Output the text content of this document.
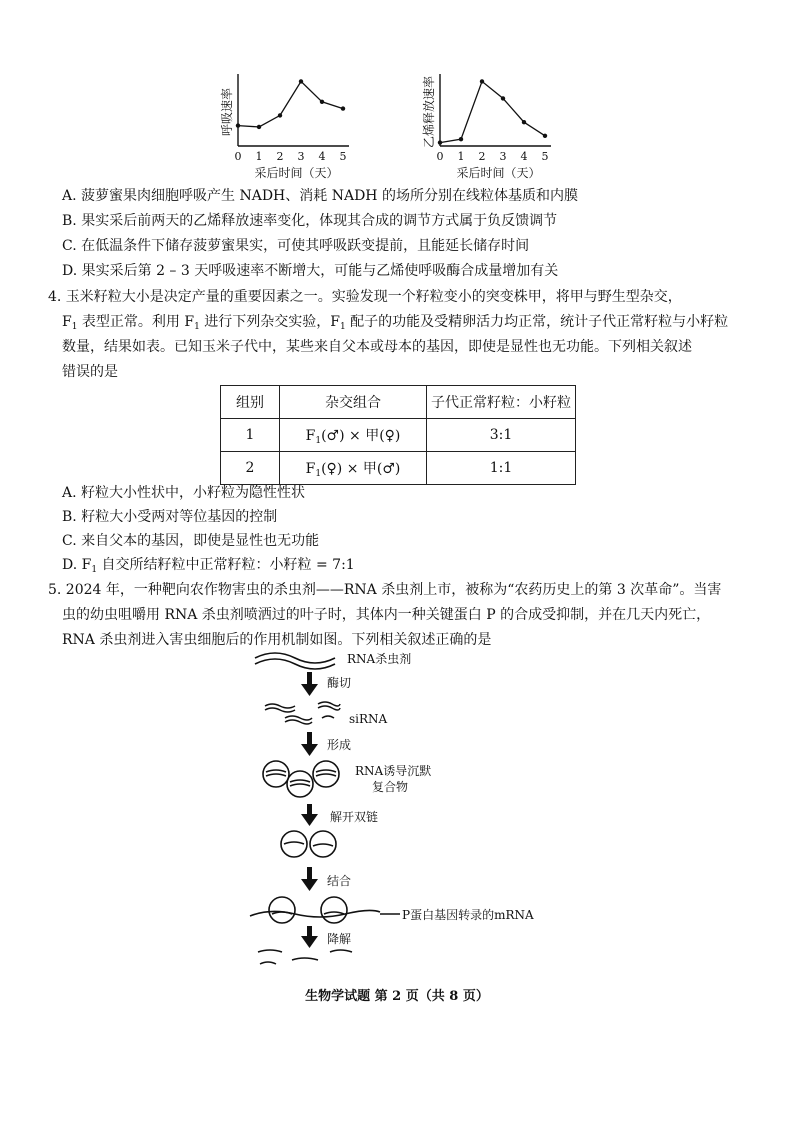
呼吸速率
0 1 2 3 4 5
采后时间（天）
乙烯释放速率
0 1 2 3 4 5
采后时间（天）
A. 菠萝蜜果肉细胞呼吸产生 NADH、消耗 NADH 的场所分别在线粒体基质和内膜
B. 果实采后前两天的乙烯释放速率变化，体现其合成的调节方式属于负反馈调节
C. 在低温条件下储存菠萝蜜果实，可使其呼吸跃变提前，且能延长储存时间
D. 果实采后第 2 – 3 天呼吸速率不断增大，可能与乙烯使呼吸酶合成量增加有关
4. 玉米籽粒大小是决定产量的重要因素之一。实验发现一个籽粒变小的突变株甲，将甲与野生型杂交，
$F_1$ 表型正常。利用 $F_1$ 进行下列杂交实验，$F_1$ 配子的功能及受精卵活力均正常，统计子代正常籽粒与小籽粒
数量，结果如表。已知玉米子代中，某些来自父本或母本的基因，即使是显性也无功能。下列相关叙述
错误的是
组别	杂交组合	子代正常籽粒：小籽粒
1	$F_1(♂)$ × 甲(♀)	3:1
2	$F_1(♀)$ × 甲(♂)	1:1
A. 籽粒大小性状中，小籽粒为隐性性状
B. 籽粒大小受两对等位基因的控制
C. 来自父本的基因，即使是显性也无功能
D. $F_1$ 自交所结籽粒中正常籽粒：小籽粒 = 7:1
5. 2024 年，一种靶向农作物害虫的杀虫剂——RNA 杀虫剂上市，被称为“农药历史上的第 3 次革命”。当害
虫的幼虫咀嚼用 RNA 杀虫剂喷洒过的叶子时，其体内一种关键蛋白 P 的合成受抑制，并在几天内死亡，
RNA 杀虫剂进入害虫细胞后的作用机制如图。下列相关叙述正确的是
RNA杀虫剂
酶切
siRNA
形成
RNA诱导沉默
复合物
解开双链
结合
P蛋白基因转录的mRNA
降解
生物学试题 第 2 页（共 8 页）
